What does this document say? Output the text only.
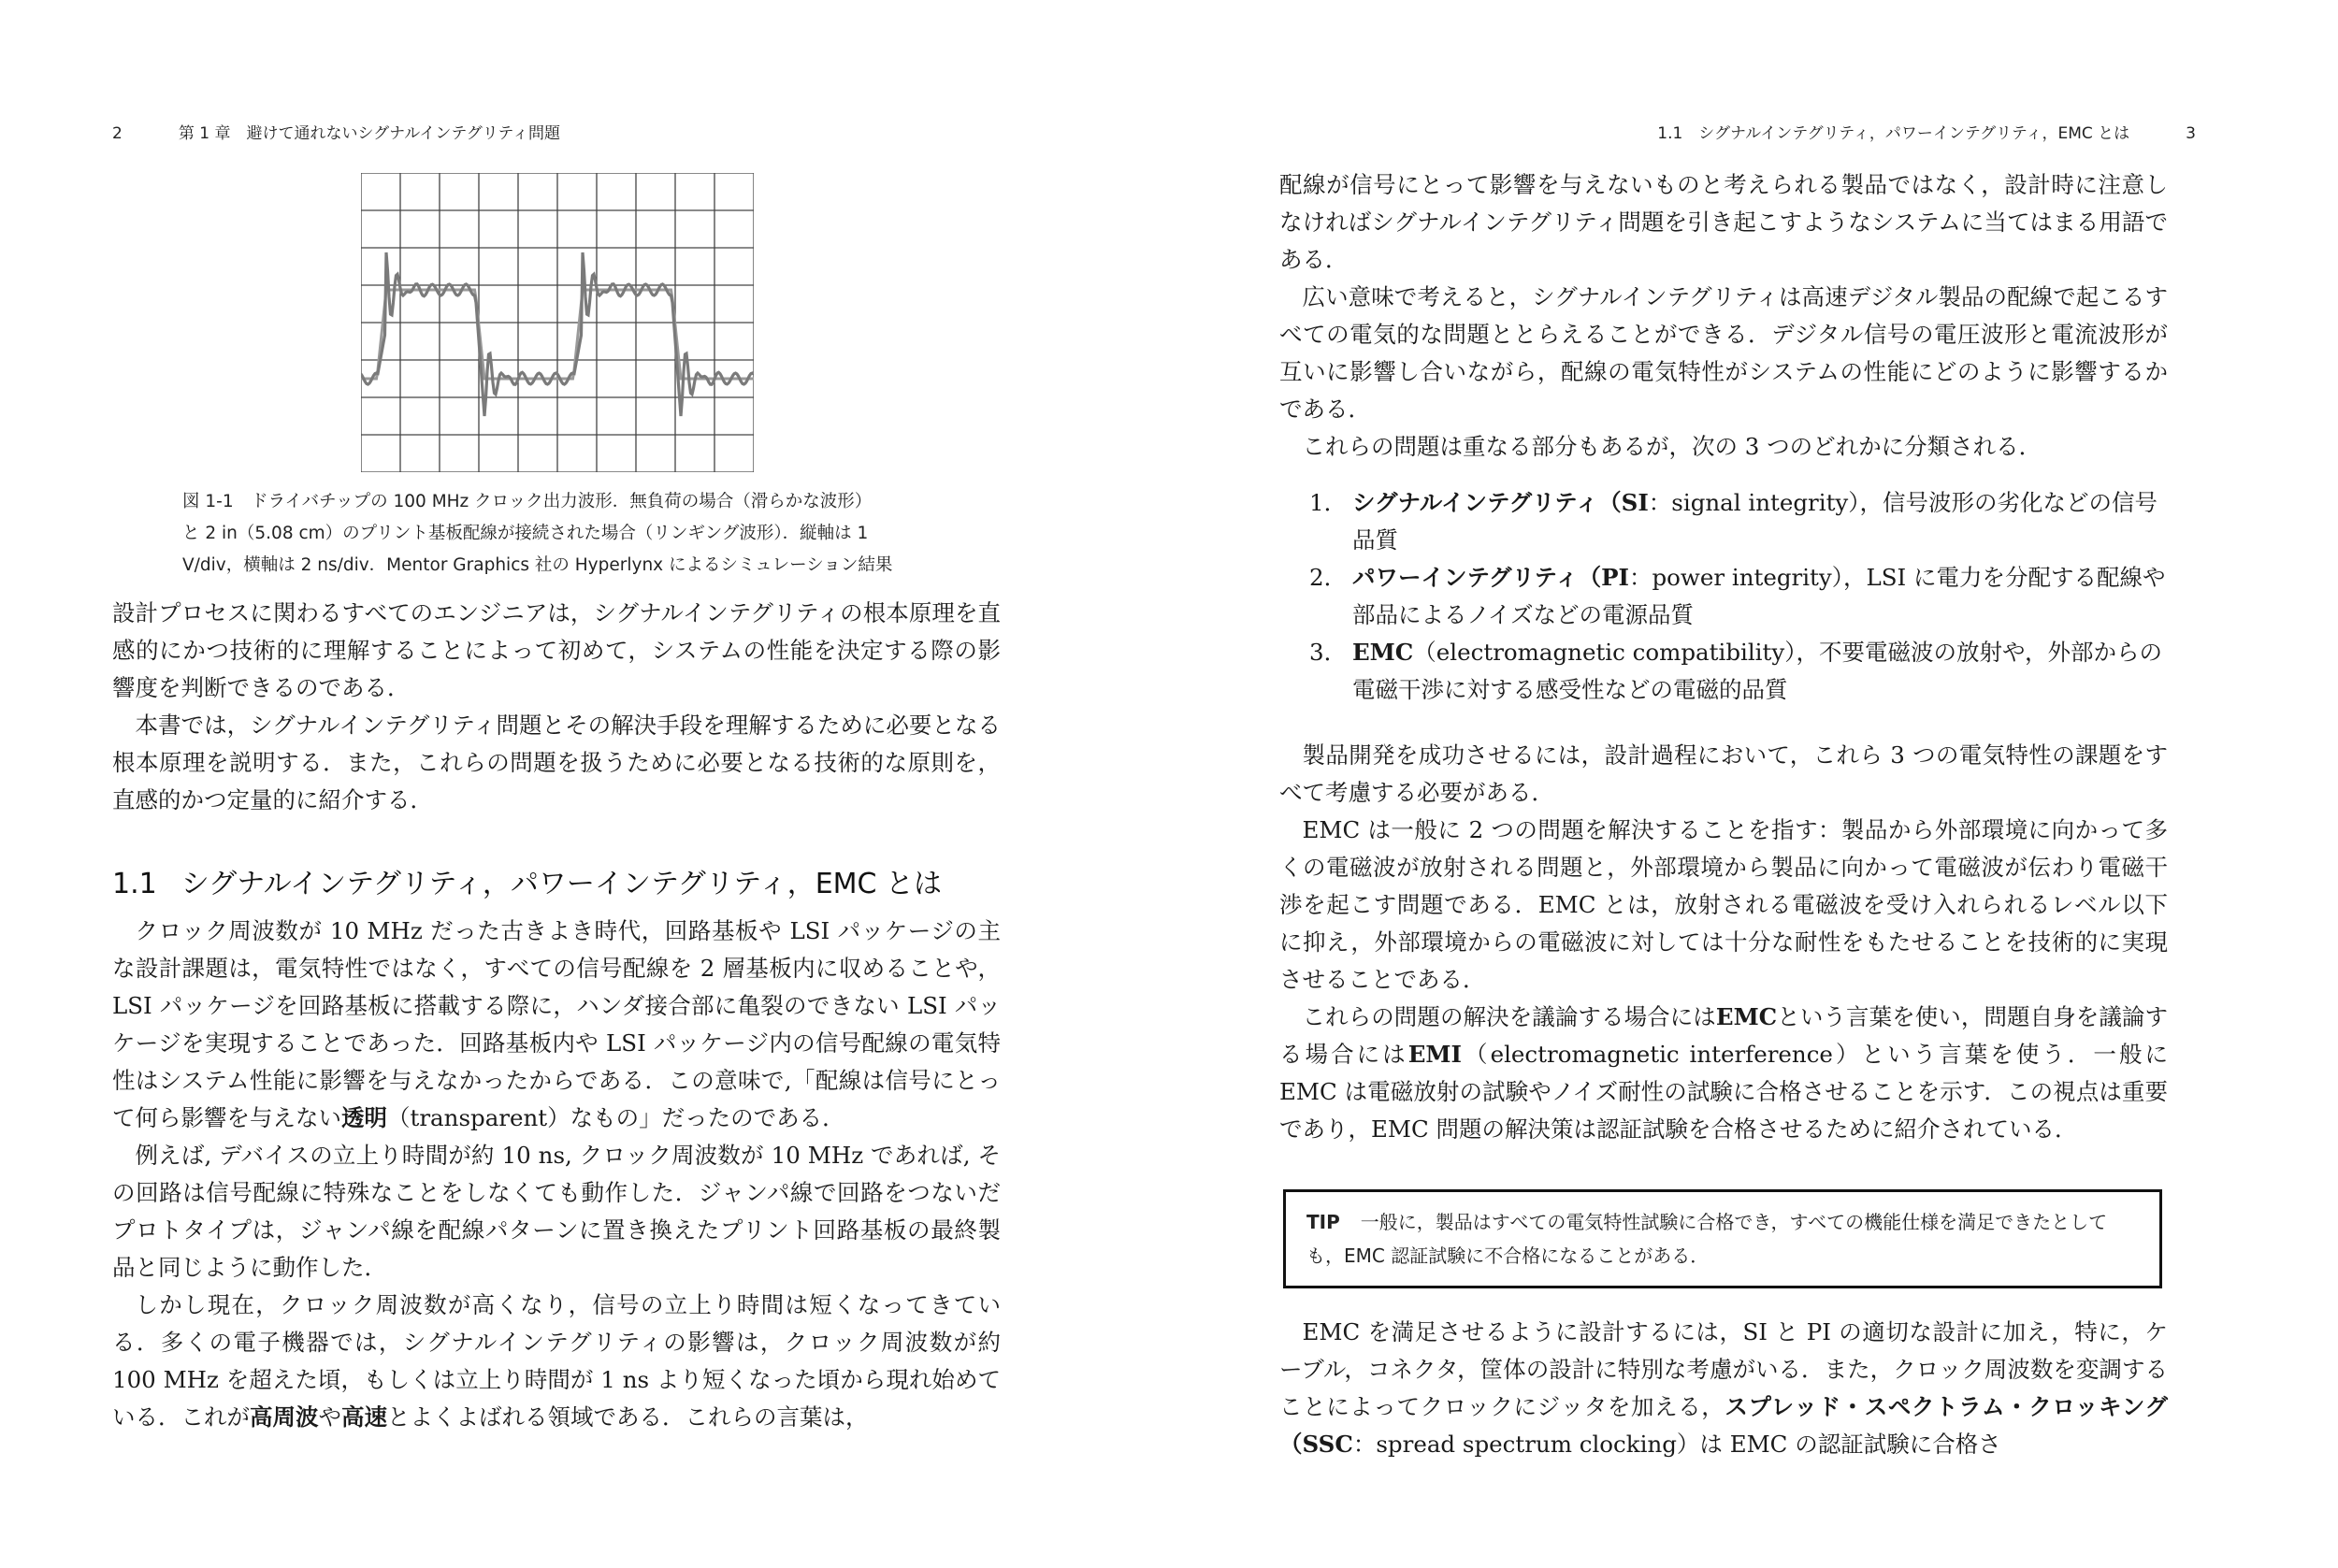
2	第 1 章　避けて通れないシグナルインテグリティ問題

図 1-1　ドライバチップの 100 MHz クロック出力波形．無負荷の場合（滑らかな波形）

と 2 in（5.08 cm）のプリント基板配線が接続された場合（リンギング波形）．縦軸は 1

V/div，横軸は 2 ns/div．Mentor Graphics 社の Hyperlynx によるシミュレーション結果

設計プロセスに関わるすべてのエンジニアは，シグナルインテグリティの根本原理を直感的にかつ技術的に理解することによって初めて，システムの性能を決定する際の影響度を判断できるのである．

本書では，シグナルインテグリティ問題とその解決手段を理解するために必要となる根本原理を説明する．また，これらの問題を扱うために必要となる技術的な原則を，直感的かつ定量的に紹介する．

1.1 シグナルインテグリティ，パワーインテグリティ，EMC とは

クロック周波数が 10 MHz だった古きよき時代，回路基板や LSI パッケージの主な設計課題は，電気特性ではなく，すべての信号配線を 2 層基板内に収めることや，LSI パッケージを回路基板に搭載する際に，ハンダ接合部に亀裂のできない LSI パッケージを実現することであった．回路基板内や LSI パッケージ内の信号配線の電気特性はシステム性能に影響を与えなかったからである．この意味で,「配線は信号にとって何ら影響を与えない透明（transparent）なもの」だったのである．

例えば, デバイスの立上り時間が約 10 ns, クロック周波数が 10 MHz であれば, その回路は信号配線に特殊なことをしなくても動作した．ジャンパ線で回路をつないだプロトタイプは，ジャンパ線を配線パターンに置き換えたプリント回路基板の最終製品と同じように動作した．

しかし現在，クロック周波数が高くなり，信号の立上り時間は短くなってきている．多くの電子機器では，シグナルインテグリティの影響は，クロック周波数が約 100 MHz を超えた頃，もしくは立上り時間が 1 ns より短くなった頃から現れ始めている．これが高周波や高速とよくよばれる領域である．これらの言葉は，

1.1　シグナルインテグリティ，パワーインテグリティ，EMC とは	3

配線が信号にとって影響を与えないものと考えられる製品ではなく，設計時に注意しなければシグナルインテグリティ問題を引き起こすようなシステムに当てはまる用語である．

広い意味で考えると，シグナルインテグリティは高速デジタル製品の配線で起こるすべての電気的な問題ととらえることができる．デジタル信号の電圧波形と電流波形が互いに影響し合いながら，配線の電気特性がシステムの性能にどのように影響するかである．

これらの問題は重なる部分もあるが，次の 3 つのどれかに分類される．

1． シグナルインテグリティ（SI：signal integrity），信号波形の劣化などの信号品質

2． パワーインテグリティ（PI：power integrity），LSI に電力を分配する配線や部品によるノイズなどの電源品質

3． EMC（electromagnetic compatibility），不要電磁波の放射や，外部からの電磁干渉に対する感受性などの電磁的品質

製品開発を成功させるには，設計過程において，これら 3 つの電気特性の課題をすべて考慮する必要がある．

EMC は一般に 2 つの問題を解決することを指す：製品から外部環境に向かって多くの電磁波が放射される問題と，外部環境から製品に向かって電磁波が伝わり電磁干渉を起こす問題である．EMC とは，放射される電磁波を受け入れられるレベル以下に抑え，外部環境からの電磁波に対しては十分な耐性をもたせることを技術的に実現させることである．

これらの問題の解決を議論する場合にはEMCという言葉を使い，問題自身を議論する場合にはEMI（electromagnetic interference）という言葉を使う．一般に EMC は電磁放射の試験やノイズ耐性の試験に合格させることを示す．この視点は重要であり，EMC 問題の解決策は認証試験を合格させるために紹介されている．

TIP 一般に，製品はすべての電気特性試験に合格でき，すべての機能仕様を満足できたとしても，EMC 認証試験に不合格になることがある．

EMC を満足させるように設計するには，SI と PI の適切な設計に加え，特に，ケーブル，コネクタ，筐体の設計に特別な考慮がいる．また，クロック周波数を変調することによってクロックにジッタを加える，スプレッド・スペクトラム・クロッキング（SSC：spread spectrum clocking）は EMC の認証試験に合格さ
